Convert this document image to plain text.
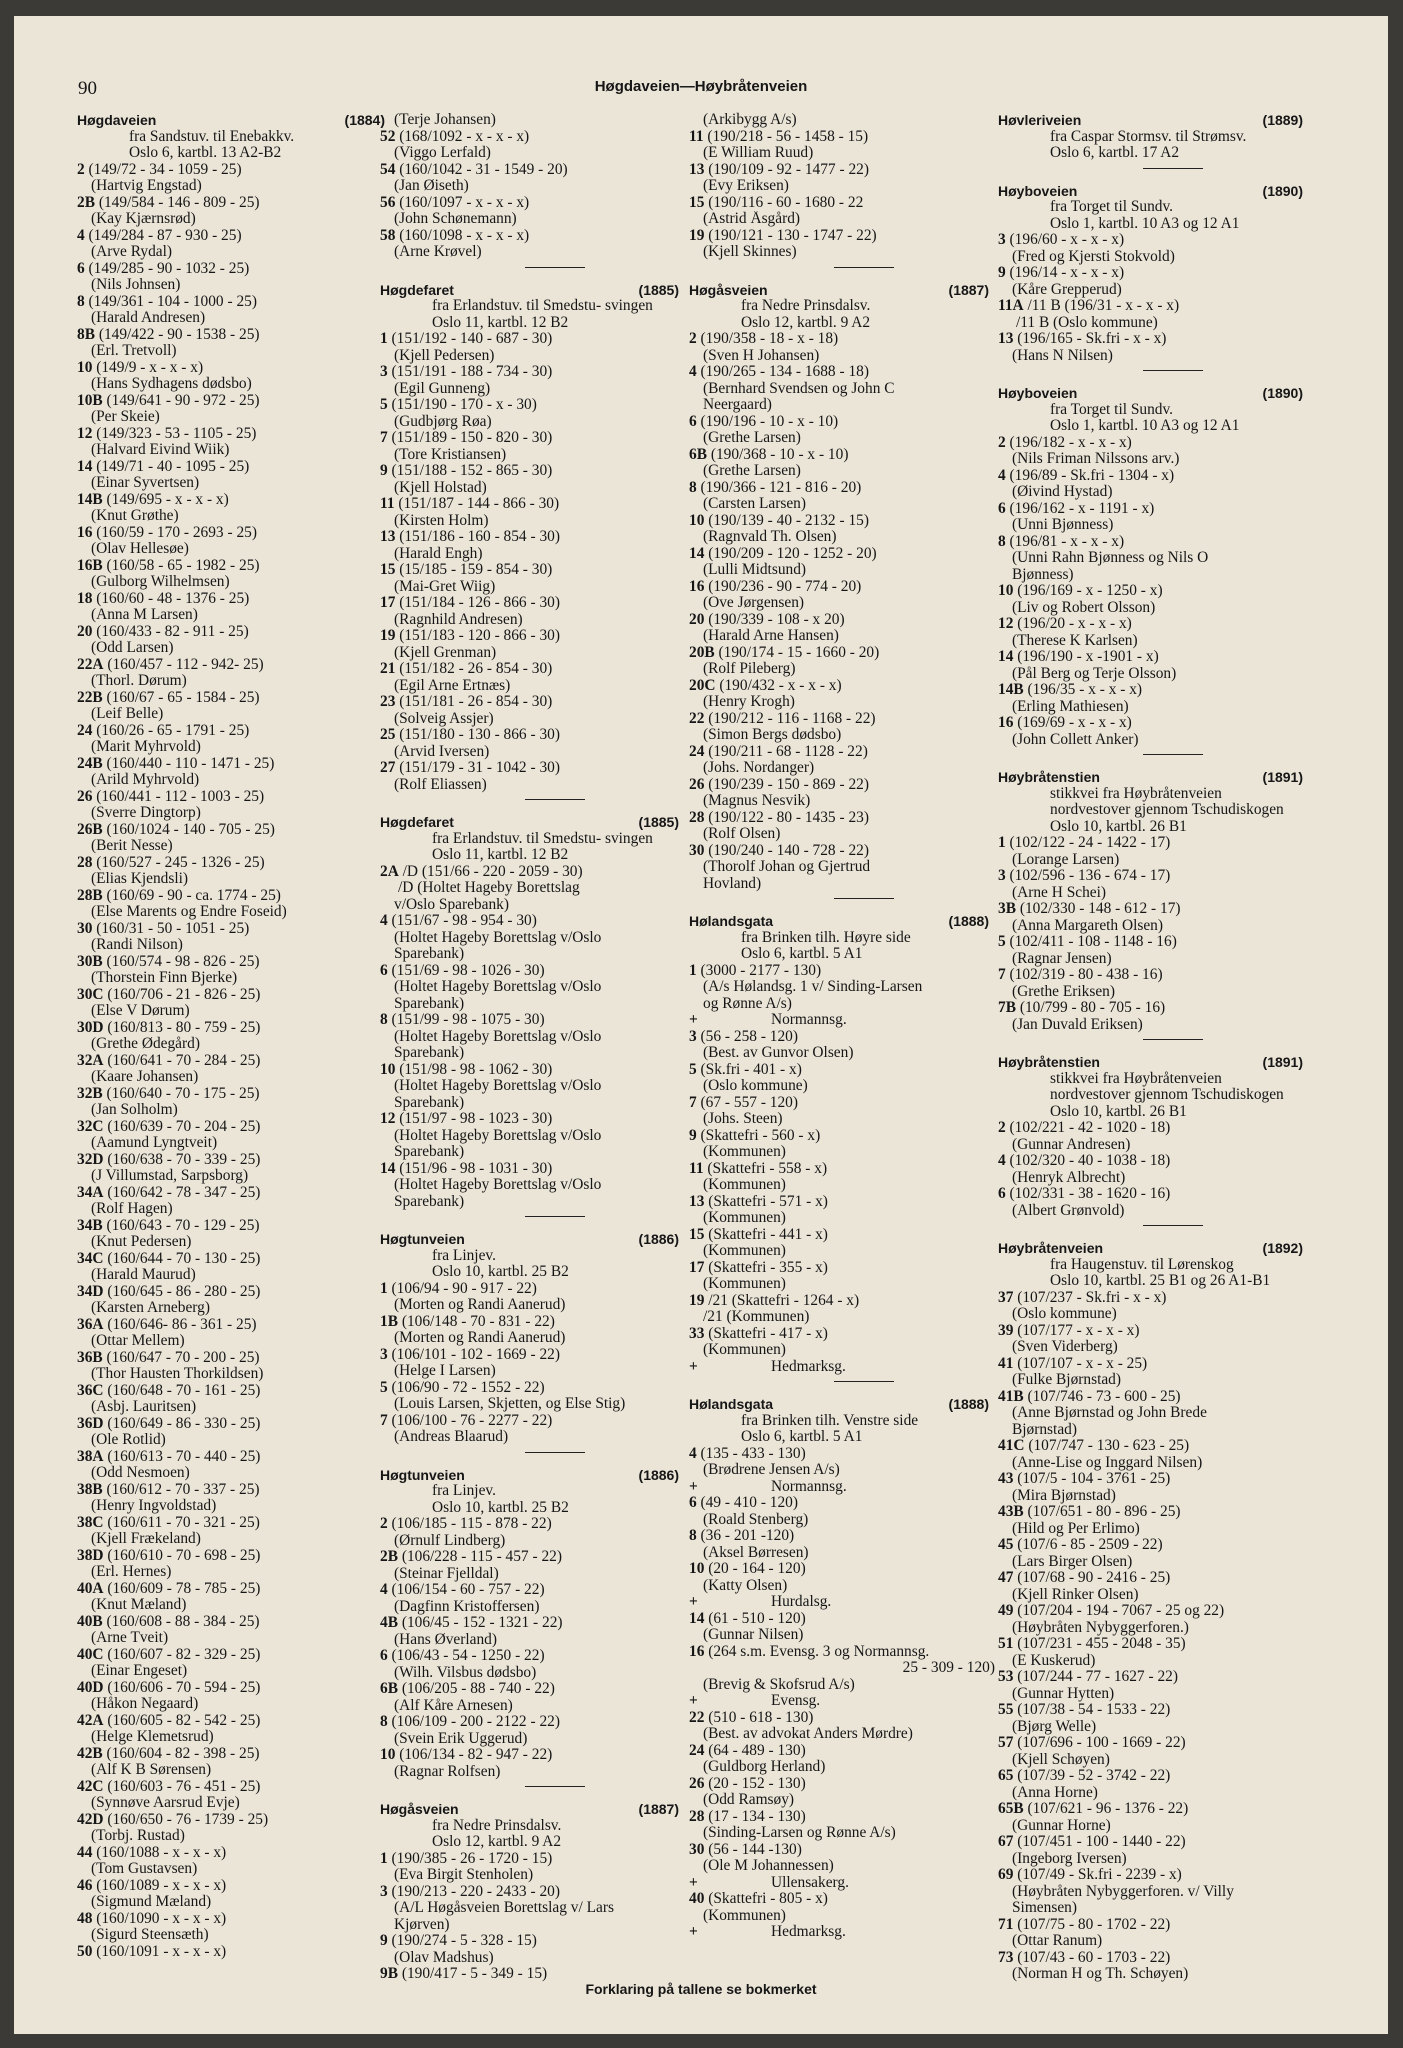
90	Høgdaveien—Høybråtenveien
Høgdaveien	(1884)
fra Sandstuv. til Enebakkv.
Oslo 6, kartbl. 13 A2-B2
2 (149/72 - 34 - 1059 - 25)
(Hartvig Engstad)
2B (149/584 - 146 - 809 - 25)
(Kay Kjærnsrød)
4 (149/284 - 87 - 930 - 25)
(Arve Rydal)
6 (149/285 - 90 - 1032 - 25)
(Nils Johnsen)
8 (149/361 - 104 - 1000 - 25)
(Harald Andresen)
8B (149/422 - 90 - 1538 - 25)
(Erl. Tretvoll)
10 (149/9 - x - x - x)
(Hans Sydhagens dødsbo)
10B (149/641 - 90 - 972 - 25)
(Per Skeie)
12 (149/323 - 53 - 1105 - 25)
(Halvard Eivind Wiik)
14 (149/71 - 40 - 1095 - 25)
(Einar Syvertsen)
14B (149/695 - x - x - x)
(Knut Grøthe)
16 (160/59 - 170 - 2693 - 25)
(Olav Hellesøe)
16B (160/58 - 65 - 1982 - 25)
(Gulborg Wilhelmsen)
18 (160/60 - 48 - 1376 - 25)
(Anna M Larsen)
20 (160/433 - 82 - 911 - 25)
(Odd Larsen)
22A (160/457 - 112 - 942- 25)
(Thorl. Dørum)
22B (160/67 - 65 - 1584 - 25)
(Leif Belle)
24 (160/26 - 65 - 1791 - 25)
(Marit Myhrvold)
24B (160/440 - 110 - 1471 - 25)
(Arild Myhrvold)
26 (160/441 - 112 - 1003 - 25)
(Sverre Dingtorp)
26B (160/1024 - 140 - 705 - 25)
(Berit Nesse)
28 (160/527 - 245 - 1326 - 25)
(Elias Kjendsli)
28B (160/69 - 90 - ca. 1774 - 25)
(Else Marents og Endre Foseid)
30 (160/31 - 50 - 1051 - 25)
(Randi Nilson)
30B (160/574 - 98 - 826 - 25)
(Thorstein Finn Bjerke)
30C (160/706 - 21 - 826 - 25)
(Else V Dørum)
30D (160/813 - 80 - 759 - 25)
(Grethe Ødegård)
32A (160/641 - 70 - 284 - 25)
(Kaare Johansen)
32B (160/640 - 70 - 175 - 25)
(Jan Solholm)
32C (160/639 - 70 - 204 - 25)
(Aamund Lyngtveit)
32D (160/638 - 70 - 339 - 25)
(J Villumstad, Sarpsborg)
34A (160/642 - 78 - 347 - 25)
(Rolf Hagen)
34B (160/643 - 70 - 129 - 25)
(Knut Pedersen)
34C (160/644 - 70 - 130 - 25)
(Harald Maurud)
34D (160/645 - 86 - 280 - 25)
(Karsten Arneberg)
36A (160/646- 86 - 361 - 25)
(Ottar Mellem)
36B (160/647 - 70 - 200 - 25)
(Thor Hausten Thorkildsen)
36C (160/648 - 70 - 161 - 25)
(Asbj. Lauritsen)
36D (160/649 - 86 - 330 - 25)
(Ole Rotlid)
38A (160/613 - 70 - 440 - 25)
(Odd Nesmoen)
38B (160/612 - 70 - 337 - 25)
(Henry Ingvoldstad)
38C (160/611 - 70 - 321 - 25)
(Kjell Frækeland)
38D (160/610 - 70 - 698 - 25)
(Erl. Hernes)
40A (160/609 - 78 - 785 - 25)
(Knut Mæland)
40B (160/608 - 88 - 384 - 25)
(Arne Tveit)
40C (160/607 - 82 - 329 - 25)
(Einar Engeset)
40D (160/606 - 70 - 594 - 25)
(Håkon Negaard)
42A (160/605 - 82 - 542 - 25)
(Helge Klemetsrud)
42B (160/604 - 82 - 398 - 25)
(Alf K B Sørensen)
42C (160/603 - 76 - 451 - 25)
(Synnøve Aarsrud Evje)
42D (160/650 - 76 - 1739 - 25)
(Torbj. Rustad)
44 (160/1088 - x - x - x)
(Tom Gustavsen)
46 (160/1089 - x - x - x)
(Sigmund Mæland)
48 (160/1090 - x - x - x)
(Sigurd Steensæth)
50 (160/1091 - x - x - x)
(Terje Johansen)
52 (168/1092 - x - x - x)
(Viggo Lerfald)
54 (160/1042 - 31 - 1549 - 20)
(Jan Øiseth)
56 (160/1097 - x - x - x)
(John Schønemann)
58 (160/1098 - x - x - x)
(Arne Krøvel)
Høgdefaret	(1885)
fra Erlandstuv. til Smedstu- svingen
Oslo 11, kartbl. 12 B2
1 (151/192 - 140 - 687 - 30)
(Kjell Pedersen)
3 (151/191 - 188 - 734 - 30)
(Egil Gunneng)
5 (151/190 - 170 - x - 30)
(Gudbjørg Røa)
7 (151/189 - 150 - 820 - 30)
(Tore Kristiansen)
9 (151/188 - 152 - 865 - 30)
(Kjell Holstad)
11 (151/187 - 144 - 866 - 30)
(Kirsten Holm)
13 (151/186 - 160 - 854 - 30)
(Harald Engh)
15 (15/185 - 159 - 854 - 30)
(Mai-Gret Wiig)
17 (151/184 - 126 - 866 - 30)
(Ragnhild Andresen)
19 (151/183 - 120 - 866 - 30)
(Kjell Grenman)
21 (151/182 - 26 - 854 - 30)
(Egil Arne Ertnæs)
23 (151/181 - 26 - 854 - 30)
(Solveig Assjer)
25 (151/180 - 130 - 866 - 30)
(Arvid Iversen)
27 (151/179 - 31 - 1042 - 30)
(Rolf Eliassen)
Høgdefaret	(1885)
fra Erlandstuv. til Smedstu- svingen
Oslo 11, kartbl. 12 B2
2A /D (151/66 - 220 - 2059 - 30)
/D (Holtet Hageby Borettslag
v/Oslo Sparebank)
4 (151/67 - 98 - 954 - 30)
(Holtet Hageby Borettslag v/Oslo
Sparebank)
6 (151/69 - 98 - 1026 - 30)
(Holtet Hageby Borettslag v/Oslo
Sparebank)
8 (151/99 - 98 - 1075 - 30)
(Holtet Hageby Borettslag v/Oslo
Sparebank)
10 (151/98 - 98 - 1062 - 30)
(Holtet Hageby Borettslag v/Oslo
Sparebank)
12 (151/97 - 98 - 1023 - 30)
(Holtet Hageby Borettslag v/Oslo
Sparebank)
14 (151/96 - 98 - 1031 - 30)
(Holtet Hageby Borettslag v/Oslo
Sparebank)
Høgtunveien	(1886)
fra Linjev.
Oslo 10, kartbl. 25 B2
1 (106/94 - 90 - 917 - 22)
(Morten og Randi Aanerud)
1B (106/148 - 70 - 831 - 22)
(Morten og Randi Aanerud)
3 (106/101 - 102 - 1669 - 22)
(Helge I Larsen)
5 (106/90 - 72 - 1552 - 22)
(Louis Larsen, Skjetten, og Else Stig)
7 (106/100 - 76 - 2277 - 22)
(Andreas Blaarud)
Høgtunveien	(1886)
fra Linjev.
Oslo 10, kartbl. 25 B2
2 (106/185 - 115 - 878 - 22)
(Ørnulf Lindberg)
2B (106/228 - 115 - 457 - 22)
(Steinar Fjelldal)
4 (106/154 - 60 - 757 - 22)
(Dagfinn Kristoffersen)
4B (106/45 - 152 - 1321 - 22)
(Hans Øverland)
6 (106/43 - 54 - 1250 - 22)
(Wilh. Vilsbus dødsbo)
6B (106/205 - 88 - 740 - 22)
(Alf Kåre Arnesen)
8 (106/109 - 200 - 2122 - 22)
(Svein Erik Uggerud)
10 (106/134 - 82 - 947 - 22)
(Ragnar Rolfsen)
Høgåsveien	(1887)
fra Nedre Prinsdalsv.
Oslo 12, kartbl. 9 A2
1 (190/385 - 26 - 1720 - 15)
(Eva Birgit Stenholen)
3 (190/213 - 220 - 2433 - 20)
(A/L Høgåsveien Borettslag v/ Lars
Kjørven)
9 (190/274 - 5 - 328 - 15)
(Olav Madshus)
9B (190/417 - 5 - 349 - 15)
(Arkibygg A/s)
11 (190/218 - 56 - 1458 - 15)
(E William Ruud)
13 (190/109 - 92 - 1477 - 22)
(Evy Eriksen)
15 (190/116 - 60 - 1680 - 22
(Astrid Åsgård)
19 (190/121 - 130 - 1747 - 22)
(Kjell Skinnes)
Høgåsveien	(1887)
fra Nedre Prinsdalsv.
Oslo 12, kartbl. 9 A2
2 (190/358 - 18 - x - 18)
(Sven H Johansen)
4 (190/265 - 134 - 1688 - 18)
(Bernhard Svendsen og John C
Neergaard)
6 (190/196 - 10 - x - 10)
(Grethe Larsen)
6B (190/368 - 10 - x - 10)
(Grethe Larsen)
8 (190/366 - 121 - 816 - 20)
(Carsten Larsen)
10 (190/139 - 40 - 2132 - 15)
(Ragnvald Th. Olsen)
14 (190/209 - 120 - 1252 - 20)
(Lulli Midtsund)
16 (190/236 - 90 - 774 - 20)
(Ove Jørgensen)
20 (190/339 - 108 - x 20)
(Harald Arne Hansen)
20B (190/174 - 15 - 1660 - 20)
(Rolf Pileberg)
20C (190/432 - x - x - x)
(Henry Krogh)
22 (190/212 - 116 - 1168 - 22)
(Simon Bergs dødsbo)
24 (190/211 - 68 - 1128 - 22)
(Johs. Nordanger)
26 (190/239 - 150 - 869 - 22)
(Magnus Nesvik)
28 (190/122 - 80 - 1435 - 23)
(Rolf Olsen)
30 (190/240 - 140 - 728 - 22)
(Thorolf Johan og Gjertrud
Hovland)
Hølandsgata	(1888)
fra Brinken tilh. Høyre side
Oslo 6, kartbl. 5 A1
1 (3000 - 2177 - 130)
(A/s Hølandsg. 1 v/ Sinding-Larsen
og Rønne A/s)
+	Normannsg.
3 (56 - 258 - 120)
(Best. av Gunvor Olsen)
5 (Sk.fri - 401 - x)
(Oslo kommune)
7 (67 - 557 - 120)
(Johs. Steen)
9 (Skattefri - 560 - x)
(Kommunen)
11 (Skattefri - 558 - x)
(Kommunen)
13 (Skattefri - 571 - x)
(Kommunen)
15 (Skattefri - 441 - x)
(Kommunen)
17 (Skattefri - 355 - x)
(Kommunen)
19 /21 (Skattefri - 1264 - x)
/21 (Kommunen)
33 (Skattefri - 417 - x)
(Kommunen)
+	Hedmarksg.
Hølandsgata	(1888)
fra Brinken tilh. Venstre side
Oslo 6, kartbl. 5 A1
4 (135 - 433 - 130)
(Brødrene Jensen A/s)
+	Normannsg.
6 (49 - 410 - 120)
(Roald Stenberg)
8 (36 - 201 -120)
(Aksel Børresen)
10 (20 - 164 - 120)
(Katty Olsen)
+	Hurdalsg.
14 (61 - 510 - 120)
(Gunnar Nilsen)
16 (264 s.m. Evensg. 3 og Normannsg.
25 - 309 - 120)
(Brevig & Skofsrud A/s)
+	Evensg.
22 (510 - 618 - 130)
(Best. av advokat Anders Mørdre)
24 (64 - 489 - 130)
(Guldborg Herland)
26 (20 - 152 - 130)
(Odd Ramsøy)
28 (17 - 134 - 130)
(Sinding-Larsen og Rønne A/s)
30 (56 - 144 -130)
(Ole M Johannessen)
+	Ullensakerg.
40 (Skattefri - 805 - x)
(Kommunen)
+	Hedmarksg.
Høvleriveien	(1889)
fra Caspar Stormsv. til Strømsv.
Oslo 6, kartbl. 17 A2
Høyboveien	(1890)
fra Torget til Sundv.
Oslo 1, kartbl. 10 A3 og 12 A1
3 (196/60 - x - x - x)
(Fred og Kjersti Stokvold)
9 (196/14 - x - x - x)
(Kåre Grepperud)
11A /11 B (196/31 - x - x - x)
/11 B (Oslo kommune)
13 (196/165 - Sk.fri - x - x)
(Hans N Nilsen)
Høyboveien	(1890)
fra Torget til Sundv.
Oslo 1, kartbl. 10 A3 og 12 A1
2 (196/182 - x - x - x)
(Nils Friman Nilssons arv.)
4 (196/89 - Sk.fri - 1304 - x)
(Øivind Hystad)
6 (196/162 - x - 1191 - x)
(Unni Bjønness)
8 (196/81 - x - x - x)
(Unni Rahn Bjønness og Nils O
Bjønness)
10 (196/169 - x - 1250 - x)
(Liv og Robert Olsson)
12 (196/20 - x - x - x)
(Therese K Karlsen)
14 (196/190 - x -1901 - x)
(Pål Berg og Terje Olsson)
14B (196/35 - x - x - x)
(Erling Mathiesen)
16 (169/69 - x - x - x)
(John Collett Anker)
Høybråtenstien	(1891)
stikkvei fra Høybråtenveien
nordvestover gjennom Tschudiskogen
Oslo 10, kartbl. 26 B1
1 (102/122 - 24 - 1422 - 17)
(Lorange Larsen)
3 (102/596 - 136 - 674 - 17)
(Arne H Schei)
3B (102/330 - 148 - 612 - 17)
(Anna Margareth Olsen)
5 (102/411 - 108 - 1148 - 16)
(Ragnar Jensen)
7 (102/319 - 80 - 438 - 16)
(Grethe Eriksen)
7B (10/799 - 80 - 705 - 16)
(Jan Duvald Eriksen)
Høybråtenstien	(1891)
stikkvei fra Høybråtenveien
nordvestover gjennom Tschudiskogen
Oslo 10, kartbl. 26 B1
2 (102/221 - 42 - 1020 - 18)
(Gunnar Andresen)
4 (102/320 - 40 - 1038 - 18)
(Henryk Albrecht)
6 (102/331 - 38 - 1620 - 16)
(Albert Grønvold)
Høybråtenveien	(1892)
fra Haugenstuv. til Lørenskog
Oslo 10, kartbl. 25 B1 og 26 A1-B1
37 (107/237 - Sk.fri - x - x)
(Oslo kommune)
39 (107/177 - x - x - x)
(Sven Viderberg)
41 (107/107 - x - x - 25)
(Fulke Bjørnstad)
41B (107/746 - 73 - 600 - 25)
(Anne Bjørnstad og John Brede
Bjørnstad)
41C (107/747 - 130 - 623 - 25)
(Anne-Lise og Inggard Nilsen)
43 (107/5 - 104 - 3761 - 25)
(Mira Bjørnstad)
43B (107/651 - 80 - 896 - 25)
(Hild og Per Erlimo)
45 (107/6 - 85 - 2509 - 22)
(Lars Birger Olsen)
47 (107/68 - 90 - 2416 - 25)
(Kjell Rinker Olsen)
49 (107/204 - 194 - 7067 - 25 og 22)
(Høybråten Nybyggerforen.)
51 (107/231 - 455 - 2048 - 35)
(E Kuskerud)
53 (107/244 - 77 - 1627 - 22)
(Gunnar Hytten)
55 (107/38 - 54 - 1533 - 22)
(Bjørg Welle)
57 (107/696 - 100 - 1669 - 22)
(Kjell Schøyen)
65 (107/39 - 52 - 3742 - 22)
(Anna Horne)
65B (107/621 - 96 - 1376 - 22)
(Gunnar Horne)
67 (107/451 - 100 - 1440 - 22)
(Ingeborg Iversen)
69 (107/49 - Sk.fri - 2239 - x)
(Høybråten Nybyggerforen. v/ Villy
Simensen)
71 (107/75 - 80 - 1702 - 22)
(Ottar Ranum)
73 (107/43 - 60 - 1703 - 22)
(Norman H og Th. Schøyen)
Forklaring på tallene se bokmerket
